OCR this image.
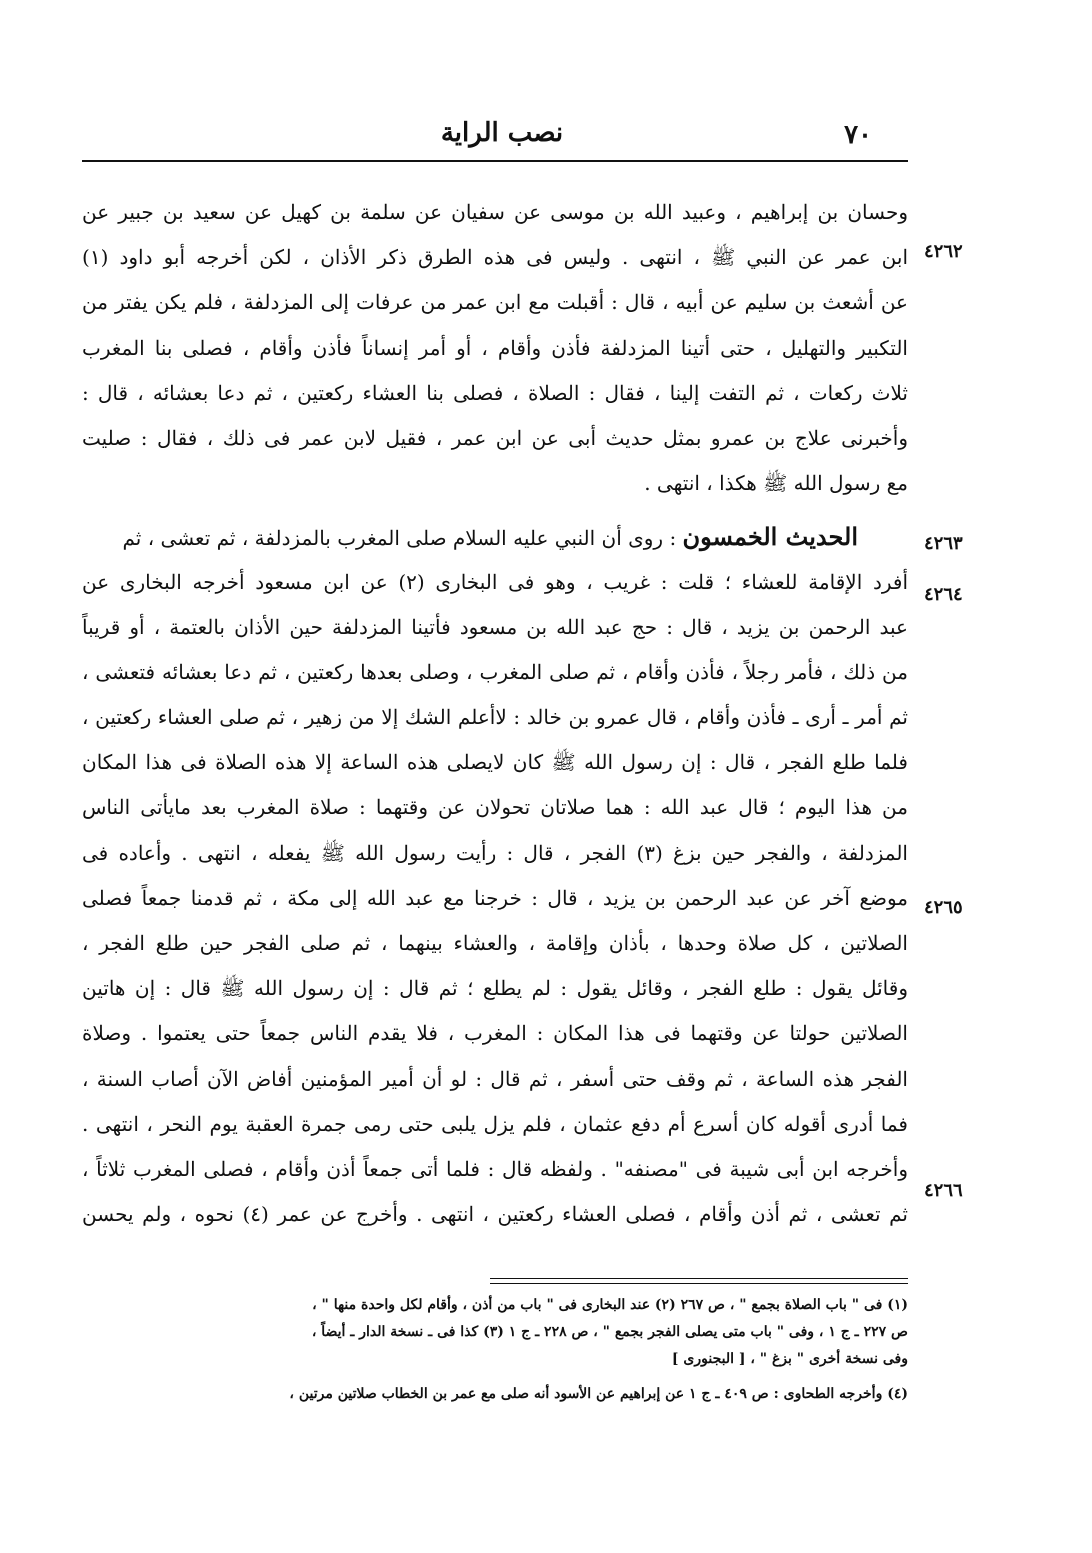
٧٠
نصب الراية
وحسان بن إبراهيم ، وعبيد الله بن موسى عن سفيان عن سلمة بن كهيل عن سعيد بن جبير عن
ابن عمر عن النبي ﷺ ، انتهى . وليس فى هذه الطرق ذكر الأذان ، لكن أخرجه أبو داود (١)
عن أشعث بن سليم عن أبيه ، قال : أقبلت مع ابن عمر من عرفات إلى المزدلفة ، فلم يكن يفتر من
التكبير والتهليل ، حتى أتينا المزدلفة فأذن وأقام ، أو أمر إنساناً فأذن وأقام ، فصلى بنا المغرب
ثلاث ركعات ، ثم التفت إلينا ، فقال : الصلاة ، فصلى بنا العشاء ركعتين ، ثم دعا بعشائه ، قال :
وأخبرنى علاج بن عمرو بمثل حديث أبى عن ابن عمر ، فقيل لابن عمر فى ذلك ، فقال : صليت
مع رسول الله ﷺ هكذا ، انتهى .
الحديث الخمسون : روى أن النبي عليه السلام صلى المغرب بالمزدلفة ، ثم تعشى ، ثم
أفرد الإقامة للعشاء ؛ قلت : غريب ، وهو فى البخارى (٢) عن ابن مسعود أخرجه البخارى عن
عبد الرحمن بن يزيد ، قال : حج عبد الله بن مسعود فأتينا المزدلفة حين الأذان بالعتمة ، أو قريباً
من ذلك ، فأمر رجلاً ، فأذن وأقام ، ثم صلى المغرب ، وصلى بعدها ركعتين ، ثم دعا بعشائه فتعشى ،
ثم أمر ـ أرى ـ فأذن وأقام ، قال عمرو بن خالد : لاأعلم الشك إلا من زهير ، ثم صلى العشاء ركعتين ،
فلما طلع الفجر ، قال : إن رسول الله ﷺ كان لايصلى هذه الساعة إلا هذه الصلاة فى هذا المكان
من هذا اليوم ؛ قال عبد الله : هما صلاتان تحولان عن وقتهما : صلاة المغرب بعد مايأتى الناس
المزدلفة ، والفجر حين بزغ (٣) الفجر ، قال : رأيت رسول الله ﷺ يفعله ، انتهى . وأعاده فى
موضع آخر عن عبد الرحمن بن يزيد ، قال : خرجنا مع عبد الله إلى مكة ، ثم قدمنا جمعاً فصلى
الصلاتين ، كل صلاة وحدها ، بأذان وإقامة ، والعشاء بينهما ، ثم صلى الفجر حين طلع الفجر ،
وقائل يقول : طلع الفجر ، وقائل يقول : لم يطلع ؛ ثم قال : إن رسول الله ﷺ قال : إن هاتين
الصلاتين حولتا عن وقتهما فى هذا المكان : المغرب ، فلا يقدم الناس جمعاً حتى يعتموا . وصلاة
الفجر هذه الساعة ، ثم وقف حتى أسفر ، ثم قال : لو أن أمير المؤمنين أفاض الآن أصاب السنة ،
فما أدرى أقوله كان أسرع أم دفع عثمان ، فلم يزل يلبى حتى رمى جمرة العقبة يوم النحر ، انتهى .
وأخرجه ابن أبى شيبة فى "مصنفه" . ولفظه قال : فلما أتى جمعاً أذن وأقام ، فصلى المغرب ثلاثاً ،
ثم تعشى ، ثم أذن وأقام ، فصلى العشاء ركعتين ، انتهى . وأخرج عن عمر (٤) نحوه ، ولم يحسن
٤٢٦٢
٤٢٦٣
٤٢٦٤
٤٢٦٥
٤٢٦٦
(١) فى " باب الصلاة بجمع " ، ص ٢٦٧ (٢) عند البخارى فى " باب من أذن ، وأقام لكل واحدة منها " ،
ص ٢٢٧ ـ ج ١ ، وفى " باب متى يصلى الفجر بجمع " ، ص ٢٢٨ ـ ج ١ (٣) كذا فى ـ نسخة الدار ـ أيضاً ،
وفى نسخة أخرى " بزغ " ، [ البجنورى ]
(٤) وأخرجه الطحاوى : ص ٤٠٩ ـ ج ١ عن إبراهيم عن الأسود أنه صلى مع عمر بن الخطاب صلاتين مرتين ،
